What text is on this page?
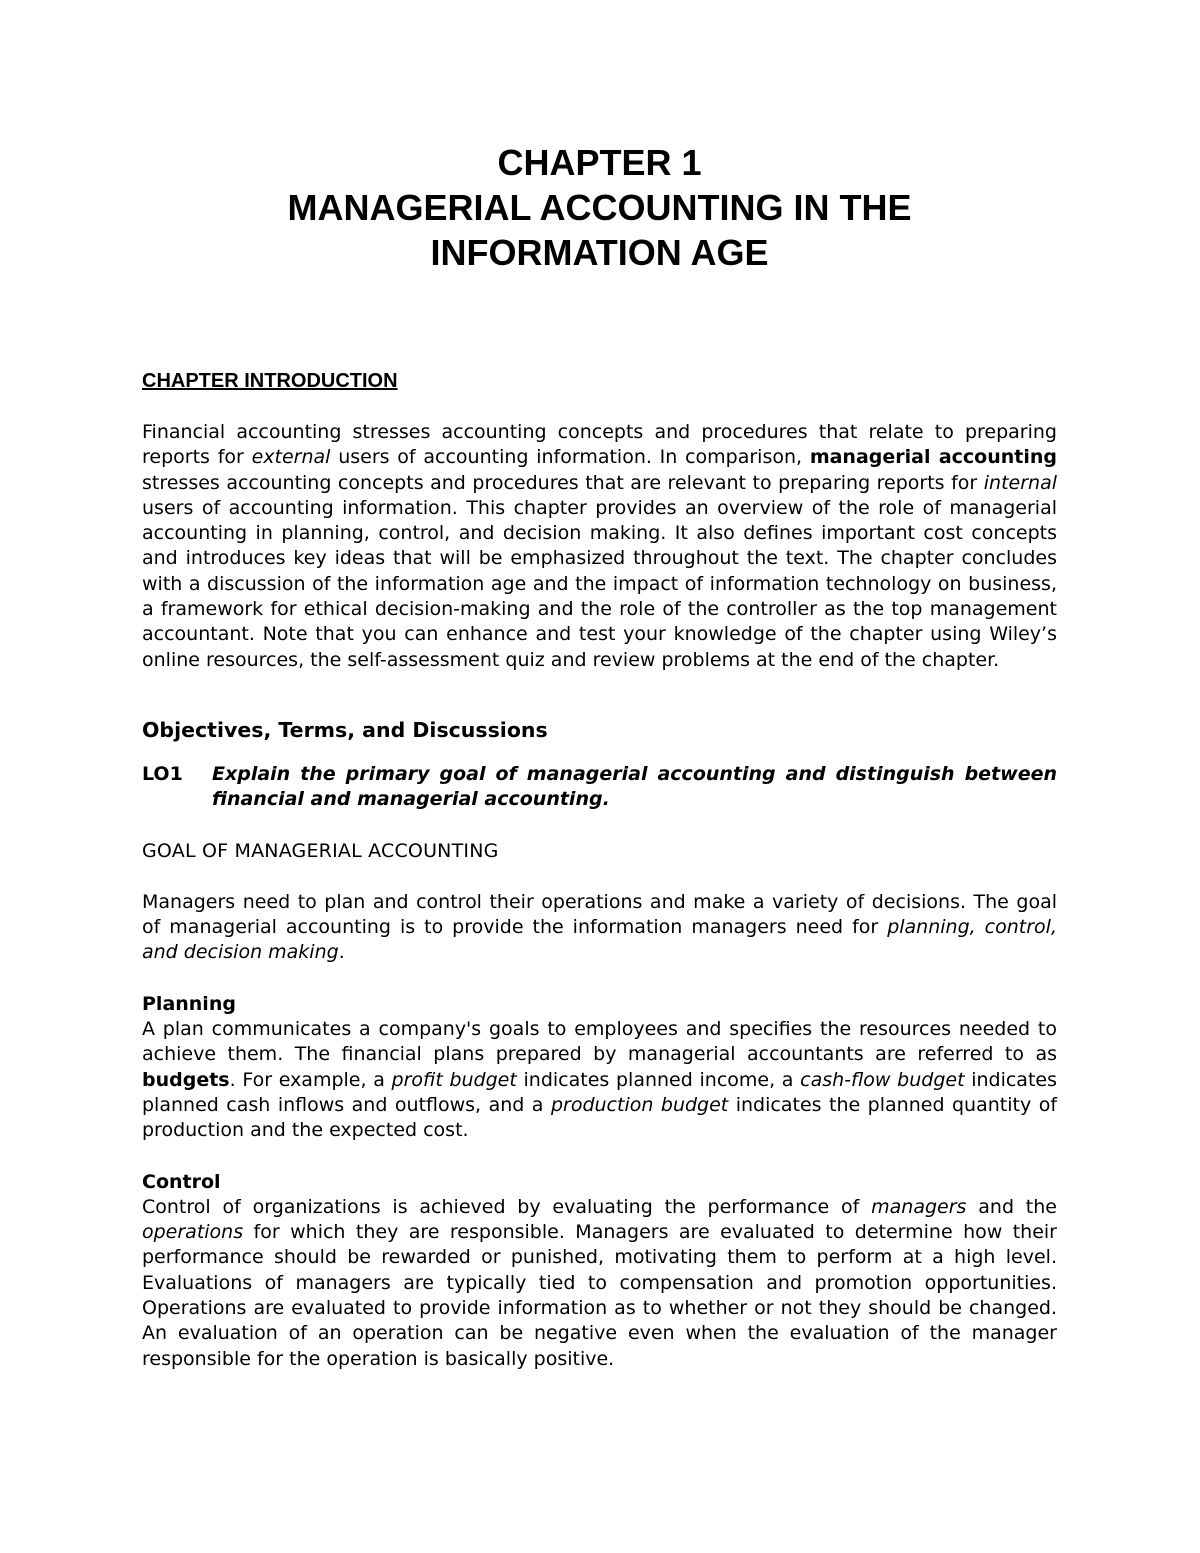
CHAPTER 1
MANAGERIAL ACCOUNTING IN THE
INFORMATION AGE
CHAPTER INTRODUCTION

Financial accounting stresses accounting concepts and procedures that relate to preparing reports for external users of accounting information. In comparison, managerial accounting stresses accounting concepts and procedures that are relevant to preparing reports for internal users of accounting information. This chapter provides an overview of the role of managerial accounting in planning, control, and decision making. It also defines important cost concepts and introduces key ideas that will be emphasized throughout the text. The chapter concludes with a discussion of the information age and the impact of information technology on business, a framework for ethical decision-making and the role of the controller as the top management accountant. Note that you can enhance and test your knowledge of the chapter using Wiley’s online resources, the self-assessment quiz and review problems at the end of the chapter.

Objectives, Terms, and Discussions
LO1	Explain the primary goal of managerial accounting and distinguish between financial and managerial accounting.
GOAL OF MANAGERIAL ACCOUNTING

Managers need to plan and control their operations and make a variety of decisions. The goal of managerial accounting is to provide the information managers need for planning, control, and decision making.

Planning

A plan communicates a company's goals to employees and specifies the resources needed to achieve them. The financial plans prepared by managerial accountants are referred to as budgets. For example, a profit budget indicates planned income, a cash-flow budget indicates planned cash inflows and outflows, and a production budget indicates the planned quantity of production and the expected cost.

Control

Control of organizations is achieved by evaluating the performance of managers and the operations for which they are responsible. Managers are evaluated to determine how their performance should be rewarded or punished, motivating them to perform at a high level. Evaluations of managers are typically tied to compensation and promotion opportunities. Operations are evaluated to provide information as to whether or not they should be changed. An evaluation of an operation can be negative even when the evaluation of the manager responsible for the operation is basically positive.
